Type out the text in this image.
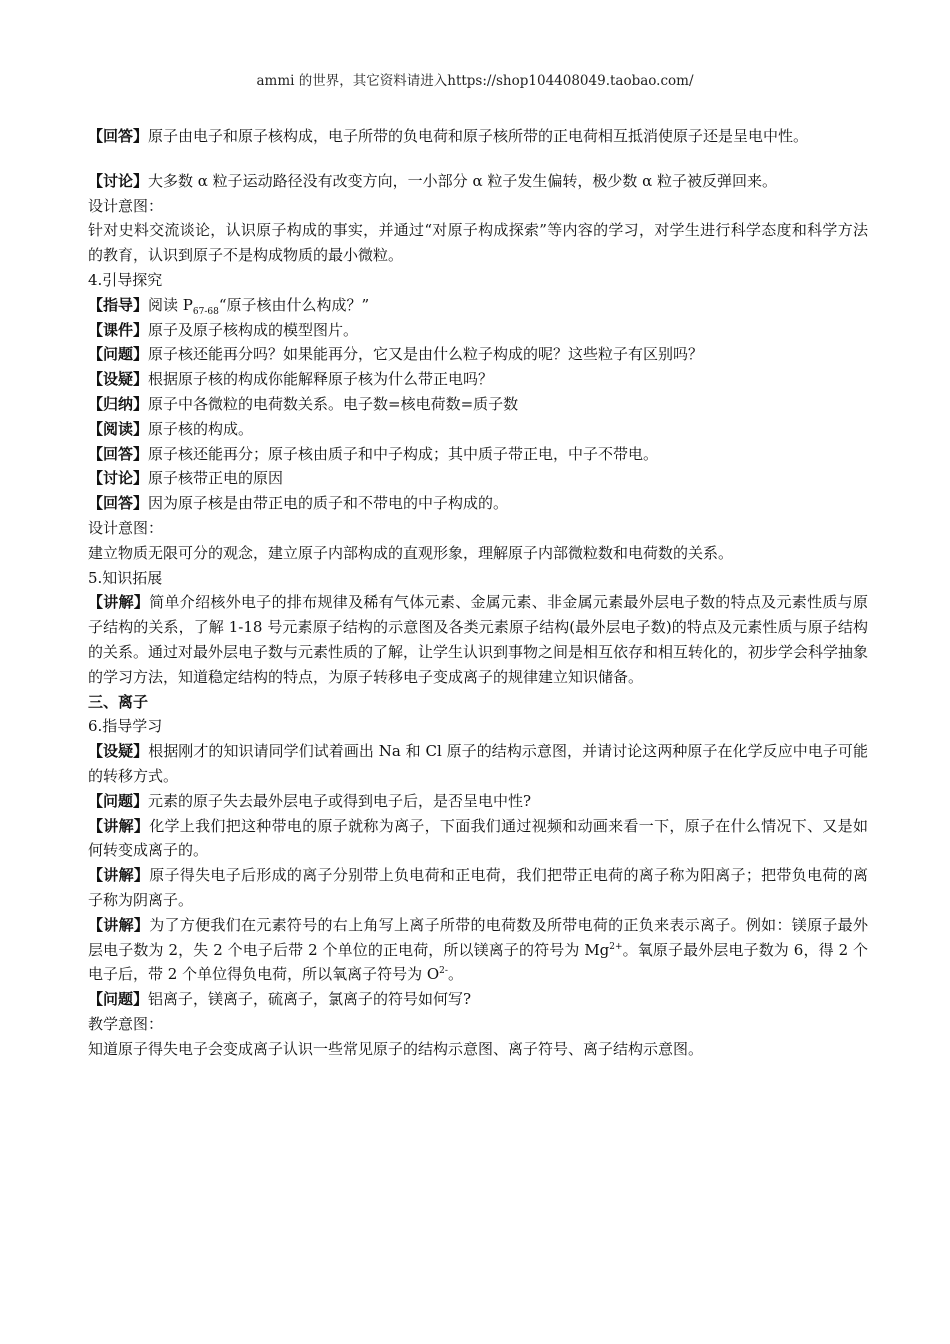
ammi 的世界，其它资料请进入https://shop104408049.taobao.com/

【回答】原子由电子和原子核构成，电子所带的负电荷和原子核所带的正电荷相互抵消使原子还是呈电中性。

【讨论】大多数 α 粒子运动路径没有改变方向，一小部分 α 粒子发生偏转，极少数 α 粒子被反弹回来。

设计意图：

针对史料交流谈论，认识原子构成的事实，并通过“对原子构成探索”等内容的学习，对学生进行科学态度和科学方法的教育，认识到原子不是构成物质的最小微粒。

4.引导探究

【指导】阅读 $P_{67-68}“$原子核由什么构成？”

【课件】原子及原子核构成的模型图片。

【问题】原子核还能再分吗？如果能再分，它又是由什么粒子构成的呢？这些粒子有区别吗？

【设疑】根据原子核的构成你能解释原子核为什么带正电吗？

【归纳】原子中各微粒的电荷数关系。电子数=核电荷数=质子数

【阅读】原子核的构成。

【回答】原子核还能再分；原子核由质子和中子构成；其中质子带正电，中子不带电。

【讨论】原子核带正电的原因

【回答】因为原子核是由带正电的质子和不带电的中子构成的。

设计意图：

建立物质无限可分的观念，建立原子内部构成的直观形象，理解原子内部微粒数和电荷数的关系。

5.知识拓展

【讲解】简单介绍核外电子的排布规律及稀有气体元素、金属元素、非金属元素最外层电子数的特点及元素性质与原子结构的关系，了解 1-18 号元素原子结构的示意图及各类元素原子结构(最外层电子数)的特点及元素性质与原子结构的关系。通过对最外层电子数与元素性质的了解，让学生认识到事物之间是相互依存和相互转化的，初步学会科学抽象的学习方法，知道稳定结构的特点，为原子转移电子变成离子的规律建立知识储备。

三、离子

6.指导学习

【设疑】根据刚才的知识请同学们试着画出 Na 和 Cl 原子的结构示意图，并请讨论这两种原子在化学反应中电子可能的转移方式。

【问题】元素的原子失去最外层电子或得到电子后，是否呈电中性?

【讲解】化学上我们把这种带电的原子就称为离子，下面我们通过视频和动画来看一下，原子在什么情况下、又是如何转变成离子的。

【讲解】原子得失电子后形成的离子分别带上负电荷和正电荷，我们把带正电荷的离子称为阳离子；把带负电荷的离子称为阴离子。

【讲解】为了方便我们在元素符号的右上角写上离子所带的电荷数及所带电荷的正负来表示离子。例如：镁原子最外层电子数为 2，失 2 个电子后带 2 个单位的正电荷，所以镁离子的符号为 $Mg^{2+}$。氧原子最外层电子数为 6，得 2 个电子后，带 2 个单位得负电荷，所以氧离子符号为 $O^{2-}$。

【问题】铝离子，镁离子，硫离子，氯离子的符号如何写?

教学意图：

知道原子得失电子会变成离子认识一些常见原子的结构示意图、离子符号、离子结构示意图。
